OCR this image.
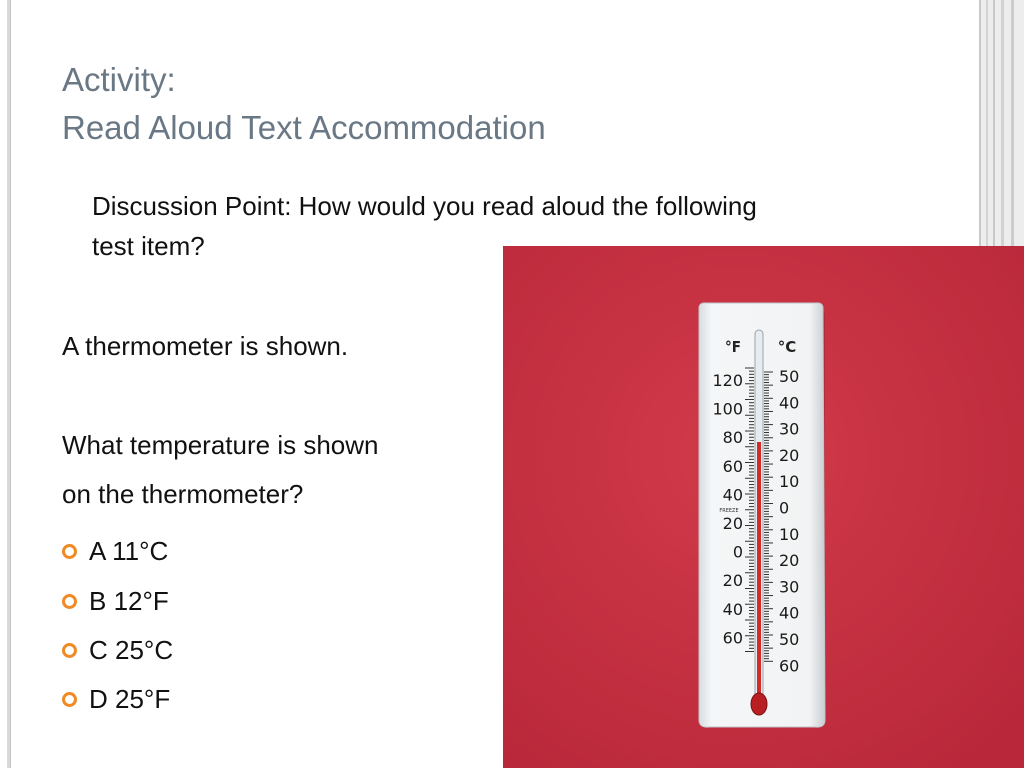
Activity:
Read Aloud Text Accommodation
Discussion Point: How would you read aloud the following test item?
A thermometer is shown.
What temperature is shown
on the thermometer?
A 11°C
B 12°F
C 25°C
D 25°F
°F °C
120
100
80
60
40
20
0
20
40
60
50
40
30
20
10
0
10
20
30
40
50
60
FREEZE
